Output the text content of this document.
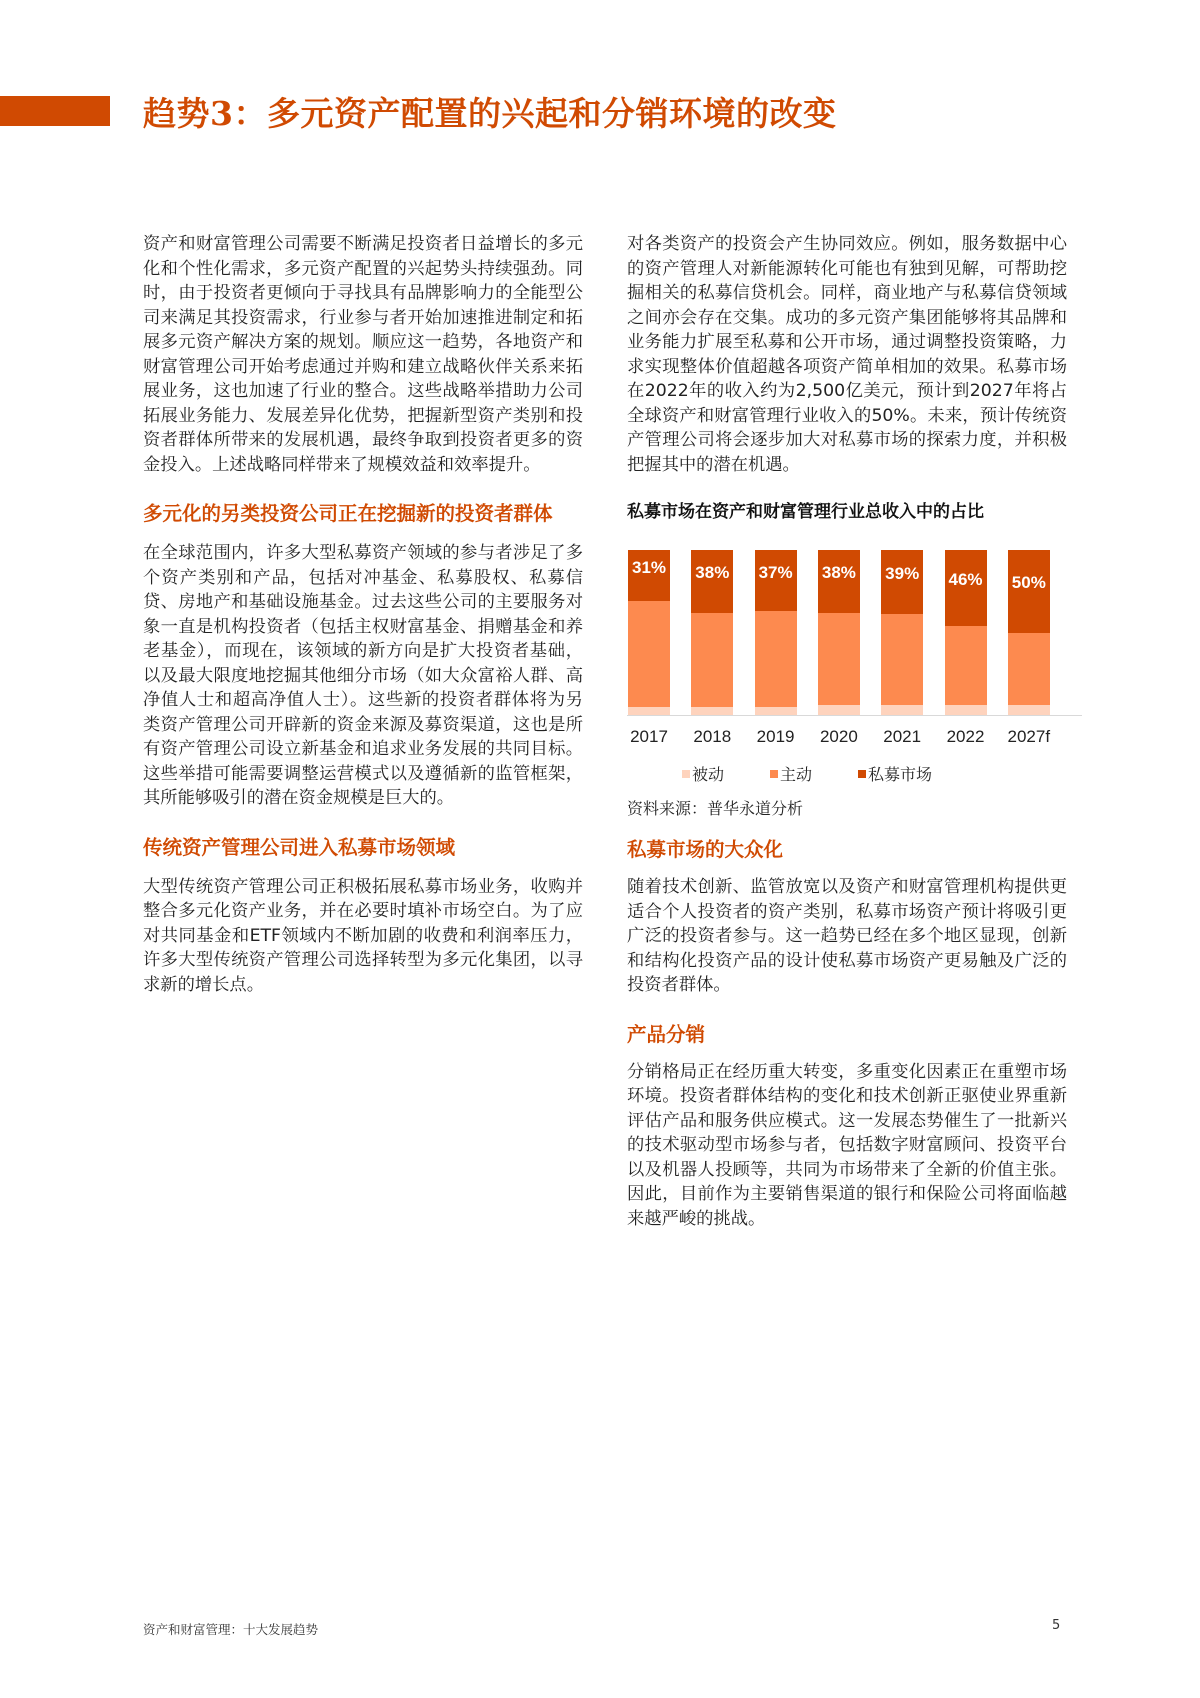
趋势3：多元资产配置的兴起和分销环境的改变

资产和财富管理公司需要不断满足投资者日益增长的多元化和个性化需求，多元资产配置的兴起势头持续强劲。同时，由于投资者更倾向于寻找具有品牌影响力的全能型公司来满足其投资需求，行业参与者开始加速推进制定和拓展多元资产解决方案的规划。顺应这一趋势，各地资产和财富管理公司开始考虑通过并购和建立战略伙伴关系来拓展业务，这也加速了行业的整合。这些战略举措助力公司拓展业务能力、发展差异化优势，把握新型资产类别和投资者群体所带来的发展机遇，最终争取到投资者更多的资金投入。上述战略同样带来了规模效益和效率提升。

多元化的另类投资公司正在挖掘新的投资者群体

在全球范围内，许多大型私募资产领域的参与者涉足了多个资产类别和产品，包括对冲基金、私募股权、私募信贷、房地产和基础设施基金。过去这些公司的主要服务对象一直是机构投资者（包括主权财富基金、捐赠基金和养老基金），而现在，该领域的新方向是扩大投资者基础，以及最大限度地挖掘其他细分市场（如大众富裕人群、高净值人士和超高净值人士）。这些新的投资者群体将为另类资产管理公司开辟新的资金来源及募资渠道，这也是所有资产管理公司设立新基金和追求业务发展的共同目标。这些举措可能需要调整运营模式以及遵循新的监管框架，其所能够吸引的潜在资金规模是巨大的。

传统资产管理公司进入私募市场领域

大型传统资产管理公司正积极拓展私募市场业务，收购并整合多元化资产业务，并在必要时填补市场空白。为了应对共同基金和ETF领域内不断加剧的收费和利润率压力，许多大型传统资产管理公司选择转型为多元化集团，以寻求新的增长点。

对各类资产的投资会产生协同效应。例如，服务数据中心的资产管理人对新能源转化可能也有独到见解，可帮助挖掘相关的私募信贷机会。同样，商业地产与私募信贷领域之间亦会存在交集。成功的多元资产集团能够将其品牌和业务能力扩展至私募和公开市场，通过调整投资策略，力求实现整体价值超越各项资产简单相加的效果。私募市场在2022年的收入约为2,500亿美元，预计到2027年将占全球资产和财富管理行业收入的50%。未来，预计传统资产管理公司将会逐步加大对私募市场的探索力度，并积极把握其中的潜在机遇。

私募市场在资产和财富管理行业总收入中的占比
31%
2017
38%
2018
37%
2019
38%
2020
39%
2021
46%
2022
50%
2027f
被动	主动	私募市场
资料来源：普华永道分析
私募市场的大众化

随着技术创新、监管放宽以及资产和财富管理机构提供更适合个人投资者的资产类别，私募市场资产预计将吸引更广泛的投资者参与。这一趋势已经在多个地区显现，创新和结构化投资产品的设计使私募市场资产更易触及广泛的投资者群体。

产品分销

分销格局正在经历重大转变，多重变化因素正在重塑市场环境。投资者群体结构的变化和技术创新正驱使业界重新评估产品和服务供应模式。这一发展态势催生了一批新兴的技术驱动型市场参与者，包括数字财富顾问、投资平台以及机器人投顾等，共同为市场带来了全新的价值主张。因此，目前作为主要销售渠道的银行和保险公司将面临越来越严峻的挑战。

资产和财富管理：十大发展趋势	5
